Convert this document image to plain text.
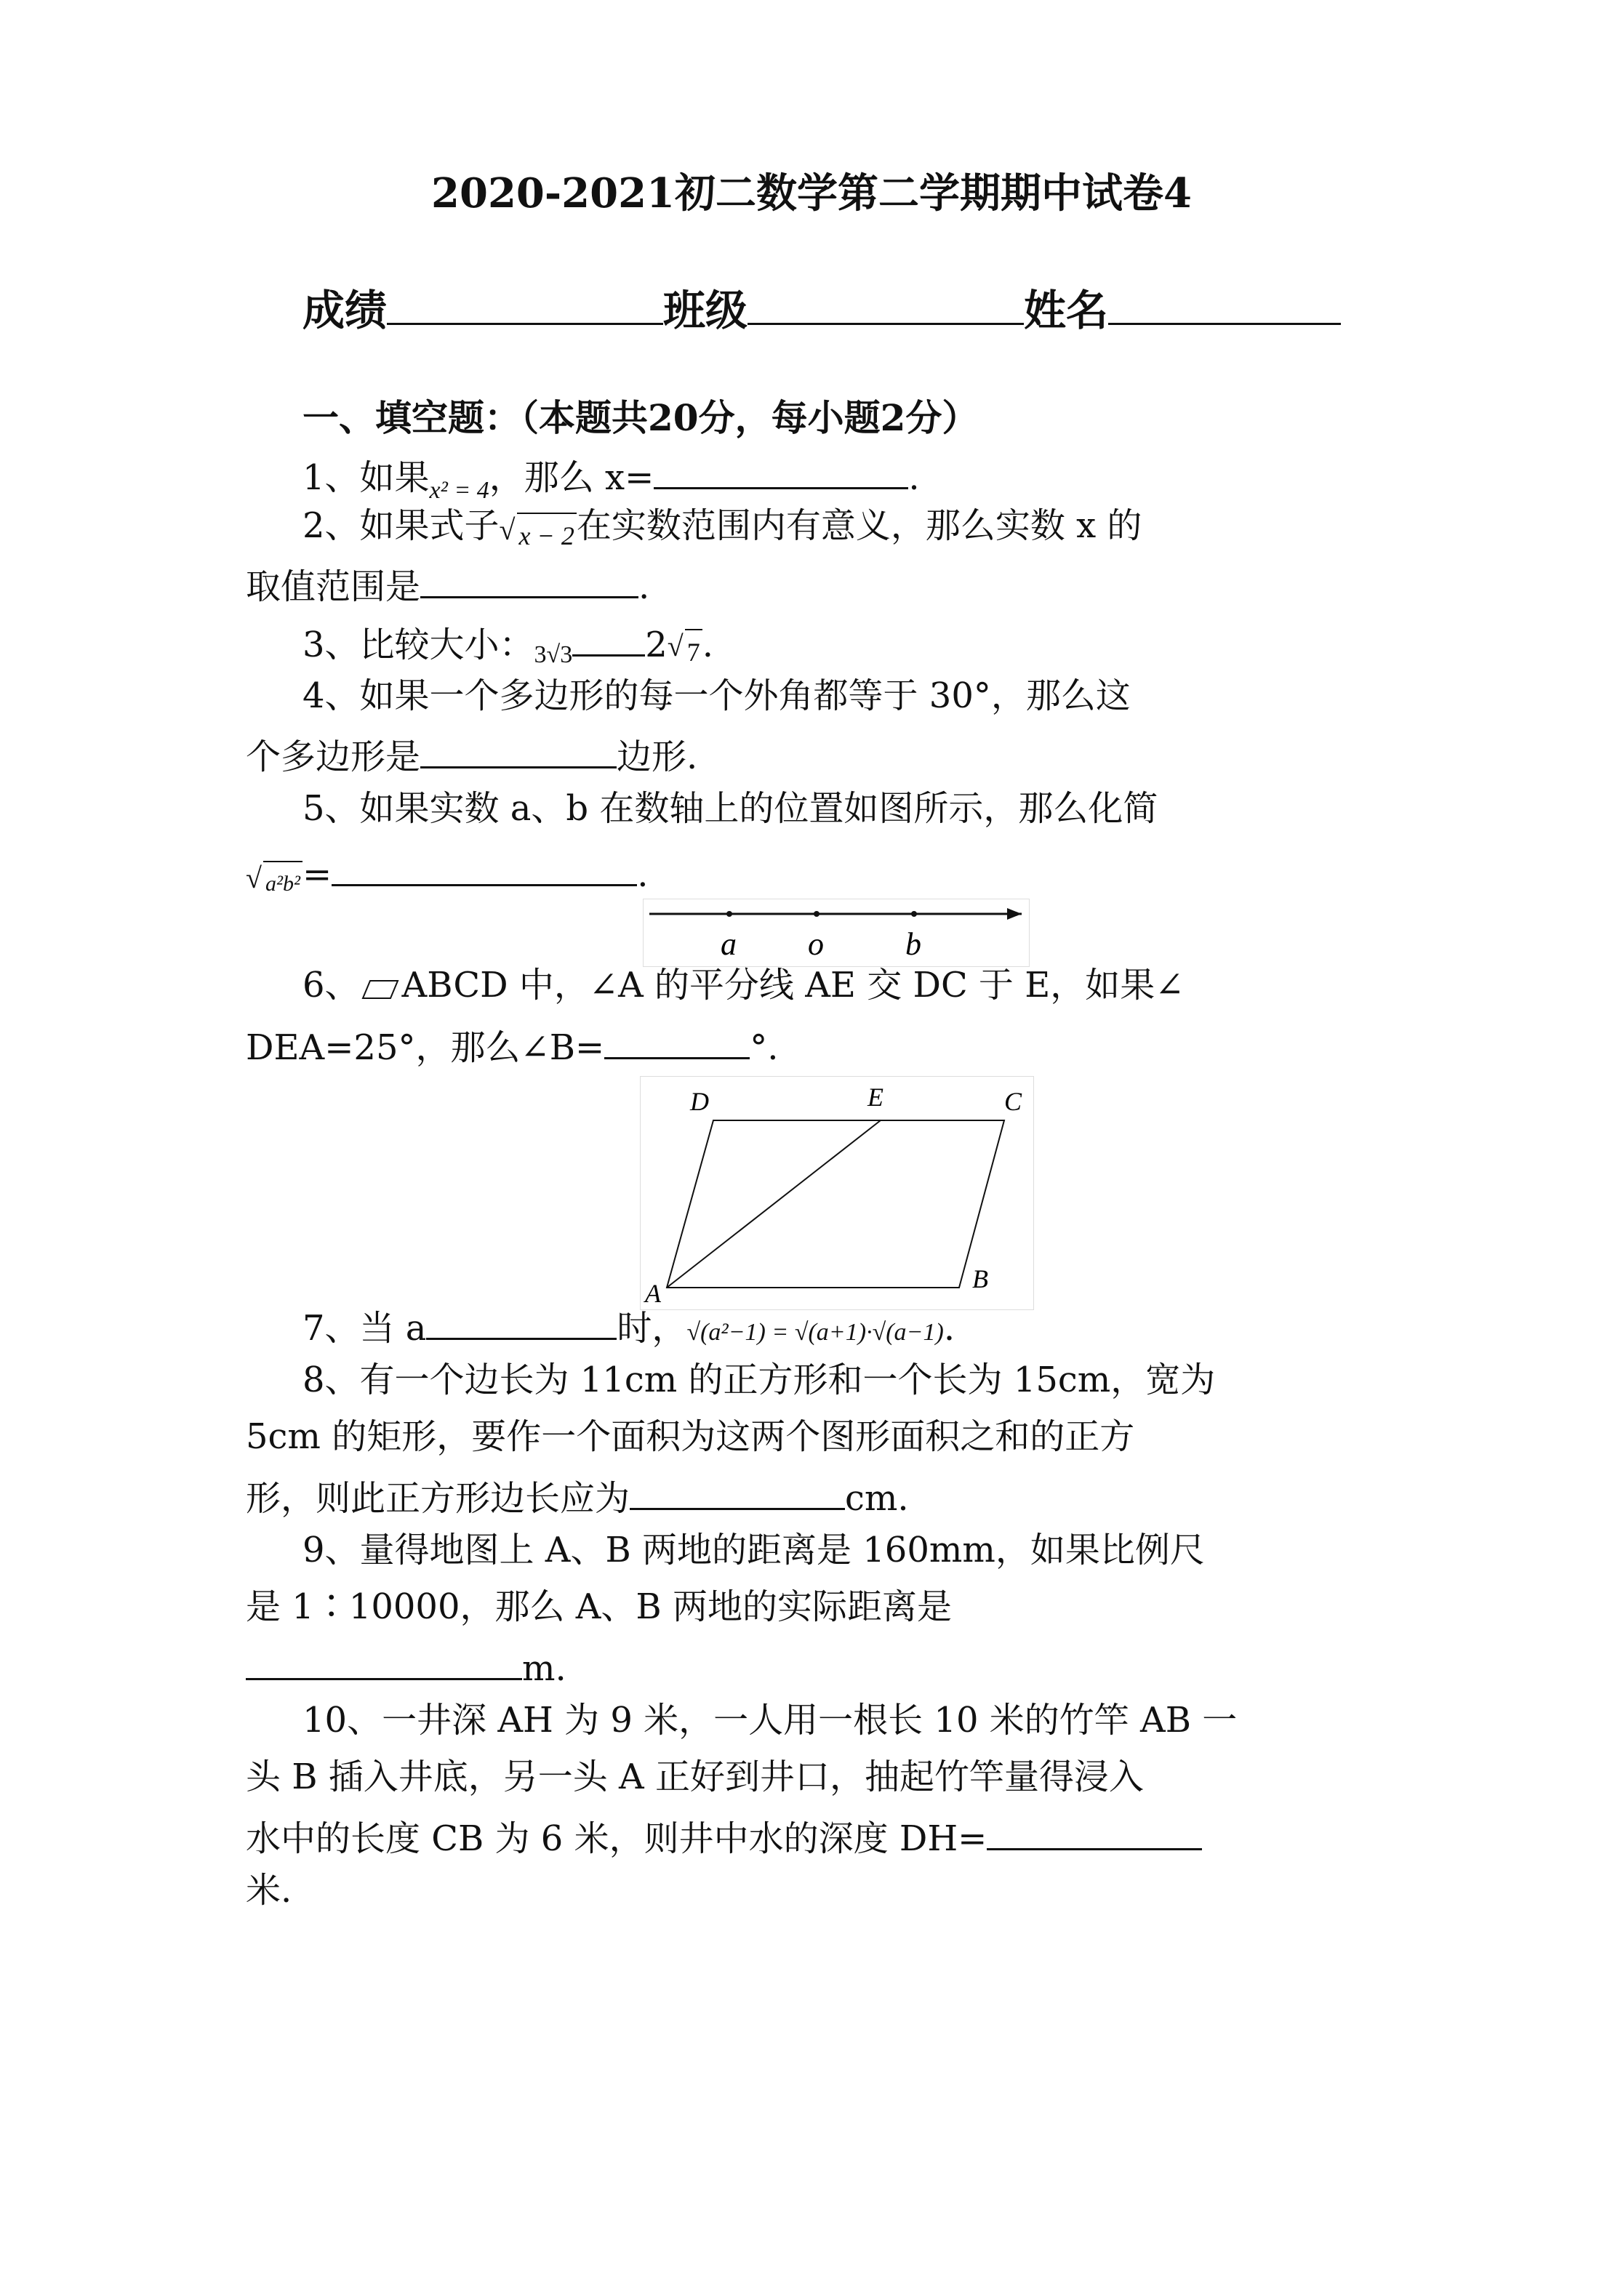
2020-2021初二数学第二学期期中试卷4
成绩	班级	姓名
一、填空题：（本题共20分，每小题2分）
1、如果$_{x^2 = 4}$，那么 x=	.
2、如果式子 √ x − 2在实数范围内有意义，那么实数 x 的
取值范围是	.
3、比较大小：3√3 2 √ 7.
4、如果一个多边形的每一个外角都等于 30°，那么这
个多边形是	边形.
5、如果实数 a、b 在数轴上的位置如图所示，那么化简
√ a²b²=	.
a o	b
6、 ABCD 中，∠A 的平分线 AE 交 DC 于 E，如果∠
DEA=25°，那么∠B=	°.
D	E	C
B
A
7、当 a	时，√(a²−1) = √(a+1)·√(a−1).
8、有一个边长为 11cm 的正方形和一个长为 15cm，宽为
5cm 的矩形，要作一个面积为这两个图形面积之和的正方
形，则此正方形边长应为	cm.
9、量得地图上 A、B 两地的距离是 160mm，如果比例尺
是 1∶10000，那么 A、B 两地的实际距离是
m.
10、一井深 AH 为 9 米，一人用一根长 10 米的竹竿 AB 一
头 B 插入井底，另一头 A 正好到井口，抽起竹竿量得浸入
水中的长度 CB 为 6 米，则井中水的深度 DH=
米.
